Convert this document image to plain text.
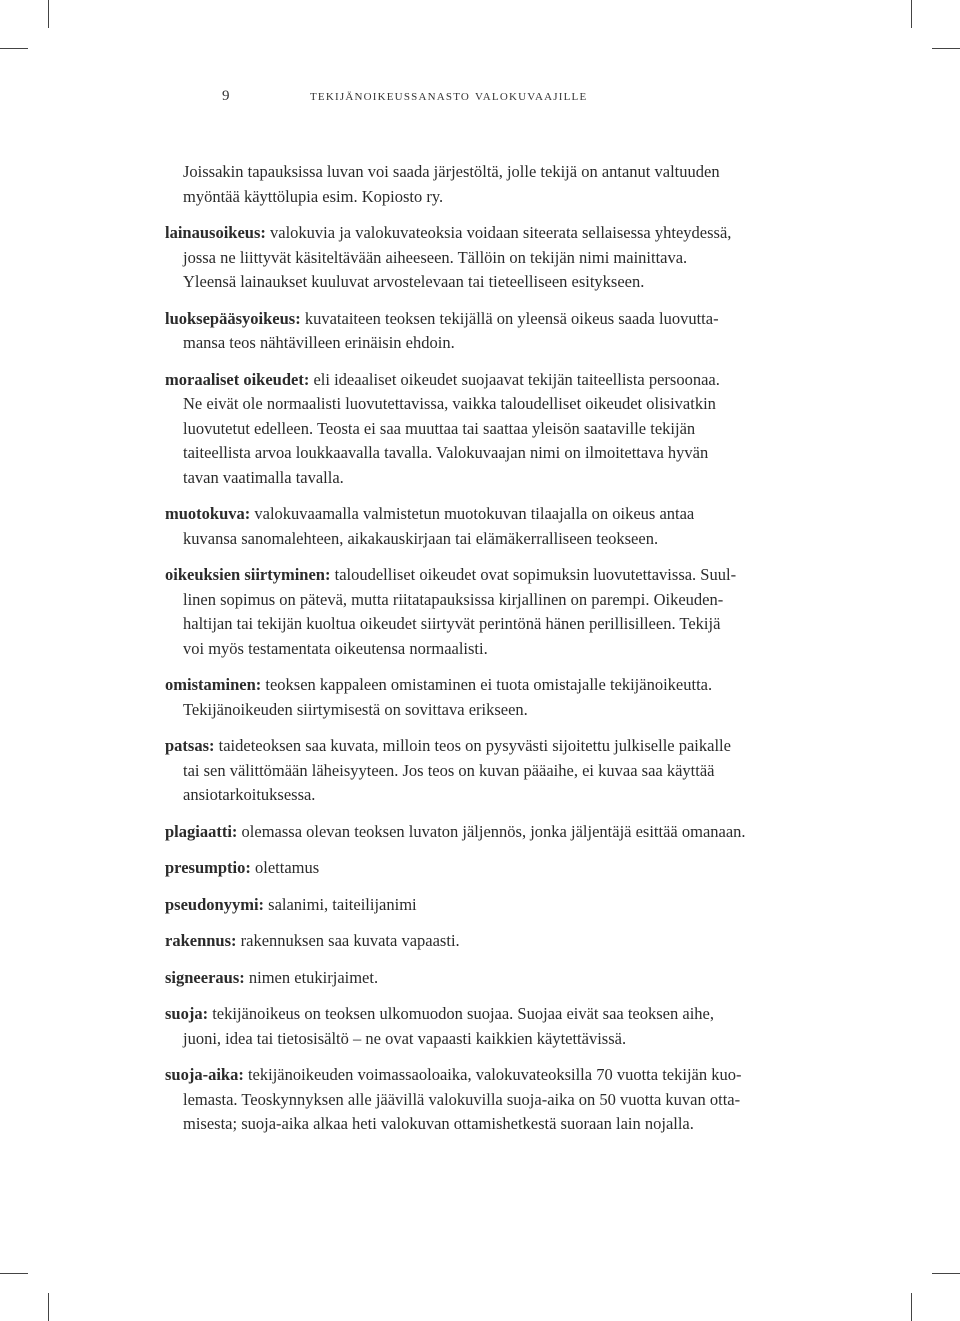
9	tekijänoikeussanasto valokuvaajille

Joissakin tapauksissa luvan voi saada järjestöltä, jolle tekijä on antanut valtuuden
myöntää käyttölupia esim. Kopiosto ry.

lainausoikeus: valokuvia ja valokuvateoksia voidaan siteerata sellaisessa yhteydessä,
jossa ne liittyvät käsiteltävään aiheeseen. Tällöin on tekijän nimi mainittava.
Yleensä lainaukset kuuluvat arvostelevaan tai tieteelliseen esitykseen.

luoksepääsyoikeus: kuvataiteen teoksen tekijällä on yleensä oikeus saada luovutta-
mansa teos nähtävilleen erinäisin ehdoin.

moraaliset oikeudet: eli ideaaliset oikeudet suojaavat tekijän taiteellista persoonaa.
Ne eivät ole normaalisti luovutettavissa, vaikka taloudelliset oikeudet olisivatkin
luovutetut edelleen. Teosta ei saa muuttaa tai saattaa yleisön saataville tekijän
taiteellista arvoa loukkaavalla tavalla. Valokuvaajan nimi on ilmoitettava hyvän
tavan vaatimalla tavalla.

muotokuva: valokuvaamalla valmistetun muotokuvan tilaajalla on oikeus antaa
kuvansa sanomalehteen, aikakauskirjaan tai elämäkerralliseen teokseen.

oikeuksien siirtyminen: taloudelliset oikeudet ovat sopimuksin luovutettavissa. Suul-
linen sopimus on pätevä, mutta riitatapauksissa kirjallinen on parempi. Oikeuden-
haltijan tai tekijän kuoltua oikeudet siirtyvät perintönä hänen perillisilleen. Tekijä
voi myös testamentata oikeutensa normaalisti.

omistaminen: teoksen kappaleen omistaminen ei tuota omistajalle tekijänoikeutta.
Tekijänoikeuden siirtymisestä on sovittava erikseen.

patsas: taideteoksen saa kuvata, milloin teos on pysyvästi sijoitettu julkiselle paikalle
tai sen välittömään läheisyyteen. Jos teos on kuvan pääaihe, ei kuvaa saa käyttää
ansiotarkoituksessa.

plagiaatti: olemassa olevan teoksen luvaton jäljennös, jonka jäljentäjä esittää omanaan.

presumptio: olettamus

pseudonyymi: salanimi, taiteilijanimi

rakennus: rakennuksen saa kuvata vapaasti.

signeeraus: nimen etukirjaimet.

suoja: tekijänoikeus on teoksen ulkomuodon suojaa. Suojaa eivät saa teoksen aihe,
juoni, idea tai tietosisältö – ne ovat vapaasti kaikkien käytettävissä.

suoja-aika: tekijänoikeuden voimassaoloaika, valokuvateoksilla 70 vuotta tekijän kuo-
lemasta. Teoskynnyksen alle jäävillä valokuvilla suoja-aika on 50 vuotta kuvan otta-
misesta; suoja-aika alkaa heti valokuvan ottamishetkestä suoraan lain nojalla.
